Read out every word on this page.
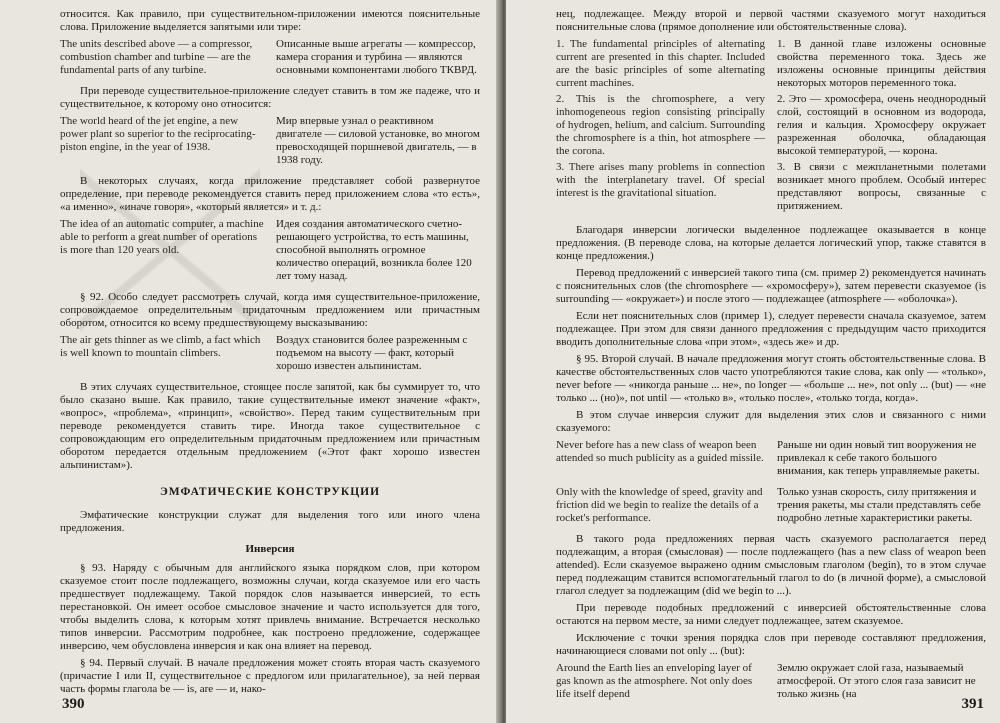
относится. Как правило, при существительном-приложении имеются пояснительные слова. Приложение выделяется запятыми или тире:

The units described above — a compressor, combustion chamber and turbine — are the fundamental parts of any turbine.
Описанные выше агрегаты — компрессор, камера сгорания и турбина — являются основными компонентами любого ТКВРД.

При переводе существительное-приложение следует ставить в том же падеже, что и существительное, к которому оно относится:

The world heard of the jet engine, a new power plant so superior to the reciprocating-piston engine, in the year of 1938.
Мир впервые узнал о реактивном двигателе — силовой установке, во многом превосходящей поршневой двигатель, — в 1938 году.

В некоторых случаях, когда приложение представляет собой развернутое определение, при переводе рекомендуется ставить перед приложением слова «то есть», «а именно», «иначе говоря», «который является» и т. д.:

The idea of an automatic computer, a machine able to perform a great number of operations is more than 120 years old.
Идея создания автоматического счетно-решающего устройства, то есть машины, способной выполнять огромное количество операций, возникла более 120 лет тому назад.

§ 92. Особо следует рассмотреть случай, когда имя существительное-приложение, сопровождаемое определительным придаточным предложением или причастным оборотом, относится ко всему предшествующему высказыванию:

The air gets thinner as we climb, a fact which is well known to mountain climbers.
Воздух становится более разреженным с подъемом на высоту — факт, который хорошо известен альпинистам.

В этих случаях существительное, стоящее после запятой, как бы суммирует то, что было сказано выше. Как правило, такие существительные имеют значение «факт», «вопрос», «проблема», «принцип», «свойство». Перед таким существительным при переводе рекомендуется ставить тире. Иногда такое существительное с сопровождающим его определительным придаточным предложением или причастным оборотом передается отдельным предложением («Этот факт хорошо известен альпинистам»).

ЭМФАТИЧЕСКИЕ КОНСТРУКЦИИ

Эмфатические конструкции служат для выделения того или иного члена предложения.

Инверсия

§ 93. Наряду с обычным для английского языка порядком слов, при котором сказуемое стоит после подлежащего, возможны случаи, когда сказуемое или его часть предшествует подлежащему. Такой порядок слов называется инверсией, то есть перестановкой. Он имеет особое смысловое значение и часто используется для того, чтобы выделить слова, к которым хотят привлечь внимание. Встречается несколько типов инверсии. Рассмотрим подробнее, как построено предложение, содержащее инверсию, чем обусловлена инверсия и как она влияет на перевод.

§ 94. Первый случай. В начале предложения может стоять вторая часть сказуемого (причастие I или II, существительное с предлогом или прилагательное), за ней первая часть формы глагола be — is, are — и, нако-

390

нец, подлежащее. Между второй и первой частями сказуемого могут находиться пояснительные слова (прямое дополнение или обстоятельственные слова).

1. The fundamental principles of alternating current are presented in this chapter. Included are the basic principles of some alternating current machines.

2. This is the chromosphere, a very inhomogeneous region consisting principally of hydrogen, helium, and calcium. Surrounding the chromosphere is a thin, hot atmosphere — the corona.

3. There arises many problems in connection with the interplanetary travel. Of special interest is the gravitational situation.

1. В данной главе изложены основные свойства переменного тока. Здесь же изложены основные принципы действия некоторых моторов переменного тока.

2. Это — хромосфера, очень неоднородный слой, состоящий в основном из водорода, гелия и кальция. Хромосферу окружает разреженная оболочка, обладающая высокой температурой, — корона.

3. В связи с межпланетными полетами возникает много проблем. Особый интерес представляют вопросы, связанные с притяжением.

Благодаря инверсии логически выделенное подлежащее оказывается в конце предложения. (В переводе слова, на которые делается логический упор, также ставятся в конце предложения.)

Перевод предложений с инверсией такого типа (см. пример 2) рекомендуется начинать с пояснительных слов (the chromosphere — «хромосферу»), затем перевести сказуемое (is surrounding — «окружает») и после этого — подлежащее (atmosphere — «оболочка»).

Если нет пояснительных слов (пример 1), следует перевести сначала сказуемое, затем подлежащее. При этом для связи данного предложения с предыдущим часто приходится вводить дополнительные слова «при этом», «здесь же» и др.

§ 95. Второй случай. В начале предложения могут стоять обстоятельственные слова. В качестве обстоятельственных слов часто употребляются такие слова, как only — «только», never before — «никогда раньше ... не», no longer — «больше ... не», not only ... (but) — «не только ... (но)», not until — «только в», «только после», «только тогда, когда».

В этом случае инверсия служит для выделения этих слов и связанного с ними сказуемого:

Never before has a new class of weapon been attended so much publicity as a guided missile.
Раньше ни один новый тип вооружения не привлекал к себе такого большого внимания, как теперь управляемые ракеты.
Only with the knowledge of speed, gravity and friction did we begin to realize the details of a rocket's performance.
Только узнав скорость, силу притяжения и трения ракеты, мы стали представлять себе подробно летные характеристики ракеты.

В такого рода предложениях первая часть сказуемого располагается перед подлежащим, а вторая (смысловая) — после подлежащего (has a new class of weapon been attended). Если сказуемое выражено одним смысловым глаголом (begin), то в этом случае перед подлежащим ставится вспомогательный глагол to do (в личной форме), а смысловой глагол следует за подлежащим (did we begin to ...).

При переводе подобных предложений с инверсией обстоятельственные слова остаются на первом месте, за ними следует подлежащее, затем сказуемое.

Исключение с точки зрения порядка слов при переводе составляют предложения, начинающиеся словами not only ... (but):

Around the Earth lies an enveloping layer of gas known as the atmosphere. Not only does life itself depend
Землю окружает слой газа, называемый атмосферой. От этого слоя газа зависит не только жизнь (на
391
